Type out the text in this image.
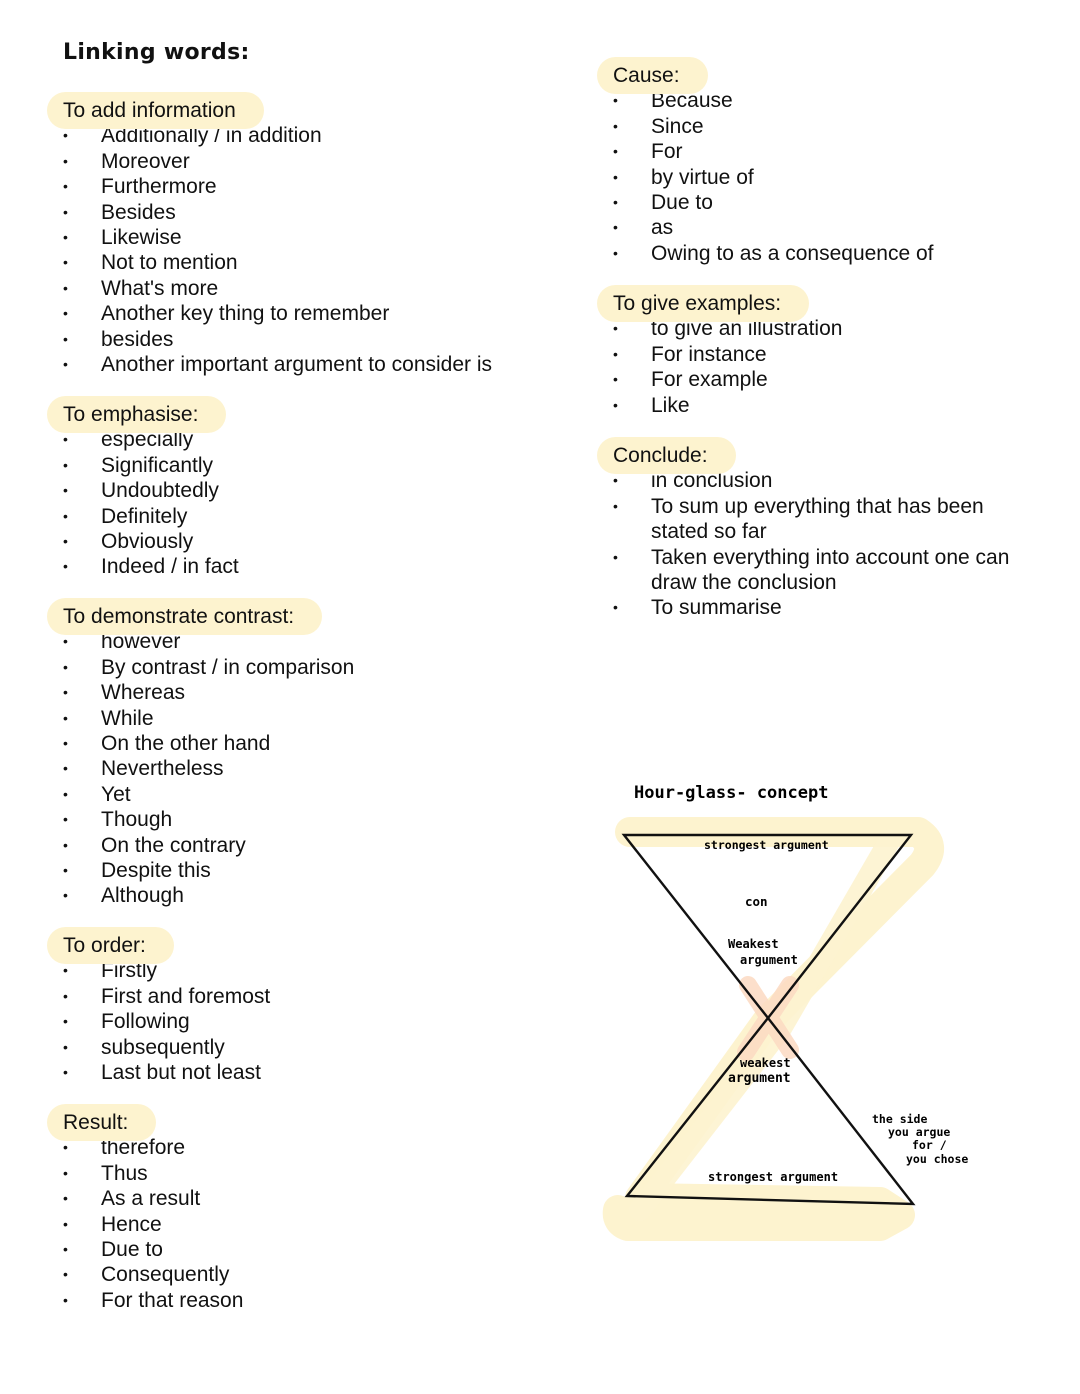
Linking words:
To add information
• Additionally / in addition
• Moreover
• Furthermore
• Besides
• Likewise
• Not to mention
• What's more
• Another key thing to remember
• besides
• Another important argument to consider is
To emphasise:
• especially
• Significantly
• Undoubtedly
• Definitely
• Obviously
• Indeed / in fact
To demonstrate contrast:
• however
• By contrast / in comparison
• Whereas
• While
• On the other hand
• Nevertheless
• Yet
• Though
• On the contrary
• Despite this
• Although
To order:
• Firstly
• First and foremost
• Following
• subsequently
• Last but not least
Result:
• therefore
• Thus
• As a result
• Hence
• Due to
• Consequently
• For that reason
Cause:
• Because
• Since
• For
• by virtue of
• Due to
• as
• Owing to as a consequence of
To give examples:
• to give an illustration
• For instance
• For example
• Like
Conclude:
• in conclusion
• To sum up everything that has been stated so far
• Taken everything into account one can draw the conclusion
• To summarise
Hour-glass- concept
strongest argument
con
Weakest
argument
weakest
argument
strongest argument
the side
you argue
for /
you chose
